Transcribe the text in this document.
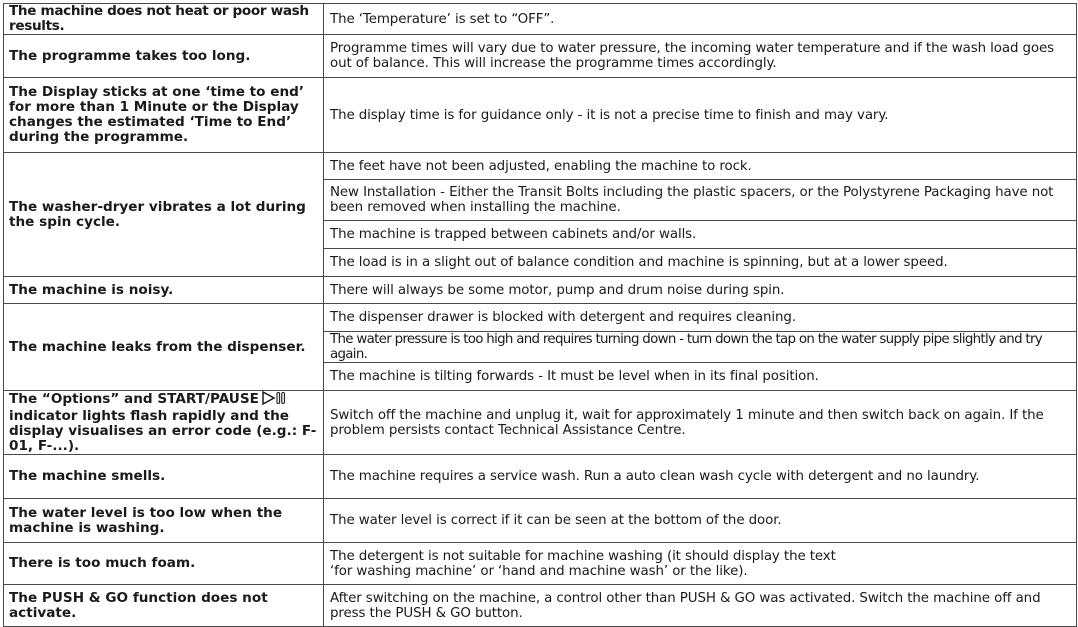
The machine does not heat or poor wash results.	The ‘Temperature’ is set to “OFF”.
The programme takes too long.	Programme times will vary due to water pressure, the incoming water temperature and if the wash load goes out of balance. This will increase the programme times accordingly.
The Display sticks at one ‘time to end’ for more than 1 Minute or the Display changes the estimated ‘Time to End’ during the programme.	The display time is for guidance only - it is not a precise time to finish and may vary.
The washer-dryer vibrates a lot during the spin cycle.	The feet have not been adjusted, enabling the machine to rock.
	New Installation - Either the Transit Bolts including the plastic spacers, or the Polystyrene Packaging have not been removed when installing the machine.
	The machine is trapped between cabinets and/or walls.
	The load is in a slight out of balance condition and machine is spinning, but at a lower speed.
The machine is noisy.	There will always be some motor, pump and drum noise during spin.
The machine leaks from the dispenser.	The dispenser drawer is blocked with detergent and requires cleaning.
	The water pressure is too high and requires turning down - turn down the tap on the water supply pipe slightly and try again.
	The machine is tilting forwards - It must be level when in its final position.
The “Options” and START/PAUSE indicator lights flash rapidly and the display visualises an error code (e.g.: F-01, F-...).	Switch off the machine and unplug it, wait for approximately 1 minute and then switch back on again. If the problem persists contact Technical Assistance Centre.
The machine smells.	The machine requires a service wash. Run a auto clean wash cycle with detergent and no laundry.
The water level is too low when the machine is washing.	The water level is correct if it can be seen at the bottom of the door.
There is too much foam.	The detergent is not suitable for machine washing (it should display the text
‘for washing machine’ or ‘hand and machine wash’ or the like).
The PUSH & GO function does not activate.	After switching on the machine, a control other than PUSH & GO was activated. Switch the machine off and press the PUSH & GO button.
